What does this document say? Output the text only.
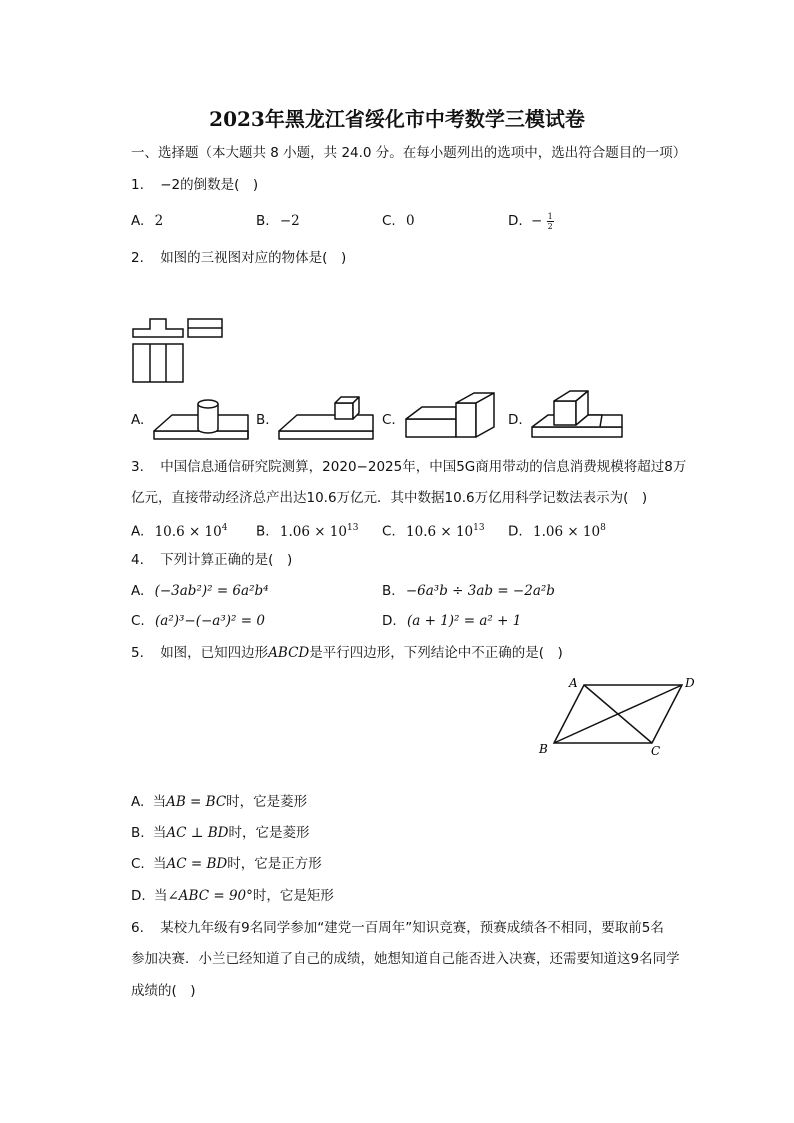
2023年黑龙江省绥化市中考数学三模试卷
一、选择题（本大题共 8 小题，共 24.0 分。在每小题列出的选项中，选出符合题目的一项）
1. −2的倒数是(　)
A. 2	B. −2	C. 0	D. − $\frac{1}{2}$
2. 如图的三视图对应的物体是(　)
A.	B.	C.	D.
3. 中国信息通信研究院测算，2020−2025年，中国5G商用带动的信息消费规模将超过8万
亿元，直接带动经济总产出达10.6万亿元．其中数据10.6万亿用科学记数法表示为(　)
A. $10.6 \times 10^4$ B. $1.06 \times 10^{13}$ C. $10.6 \times 10^{13}$ D. $1.06 \times 10^8$
4. 下列计算正确的是(　)
A. (−3ab²)² = 6a²b⁴	B. −6a³b ÷ 3ab = −2a²b
C. (a²)³−(−a³)² = 0	D. (a + 1)² = a² + 1
5. 如图，已知四边形ABCD是平行四边形，下列结论中不正确的是(　)
A	D
B	C
A. 当AB = BC时，它是菱形
B. 当AC ⊥ BD时，它是菱形
C. 当AC = BD时，它是正方形
D. 当∠ABC = 90°时，它是矩形
6. 某校九年级有9名同学参加“建党一百周年”知识竞赛，预赛成绩各不相同，要取前5名
参加决赛．小兰已经知道了自己的成绩，她想知道自己能否进入决赛，还需要知道这9名同学
成绩的(　)
